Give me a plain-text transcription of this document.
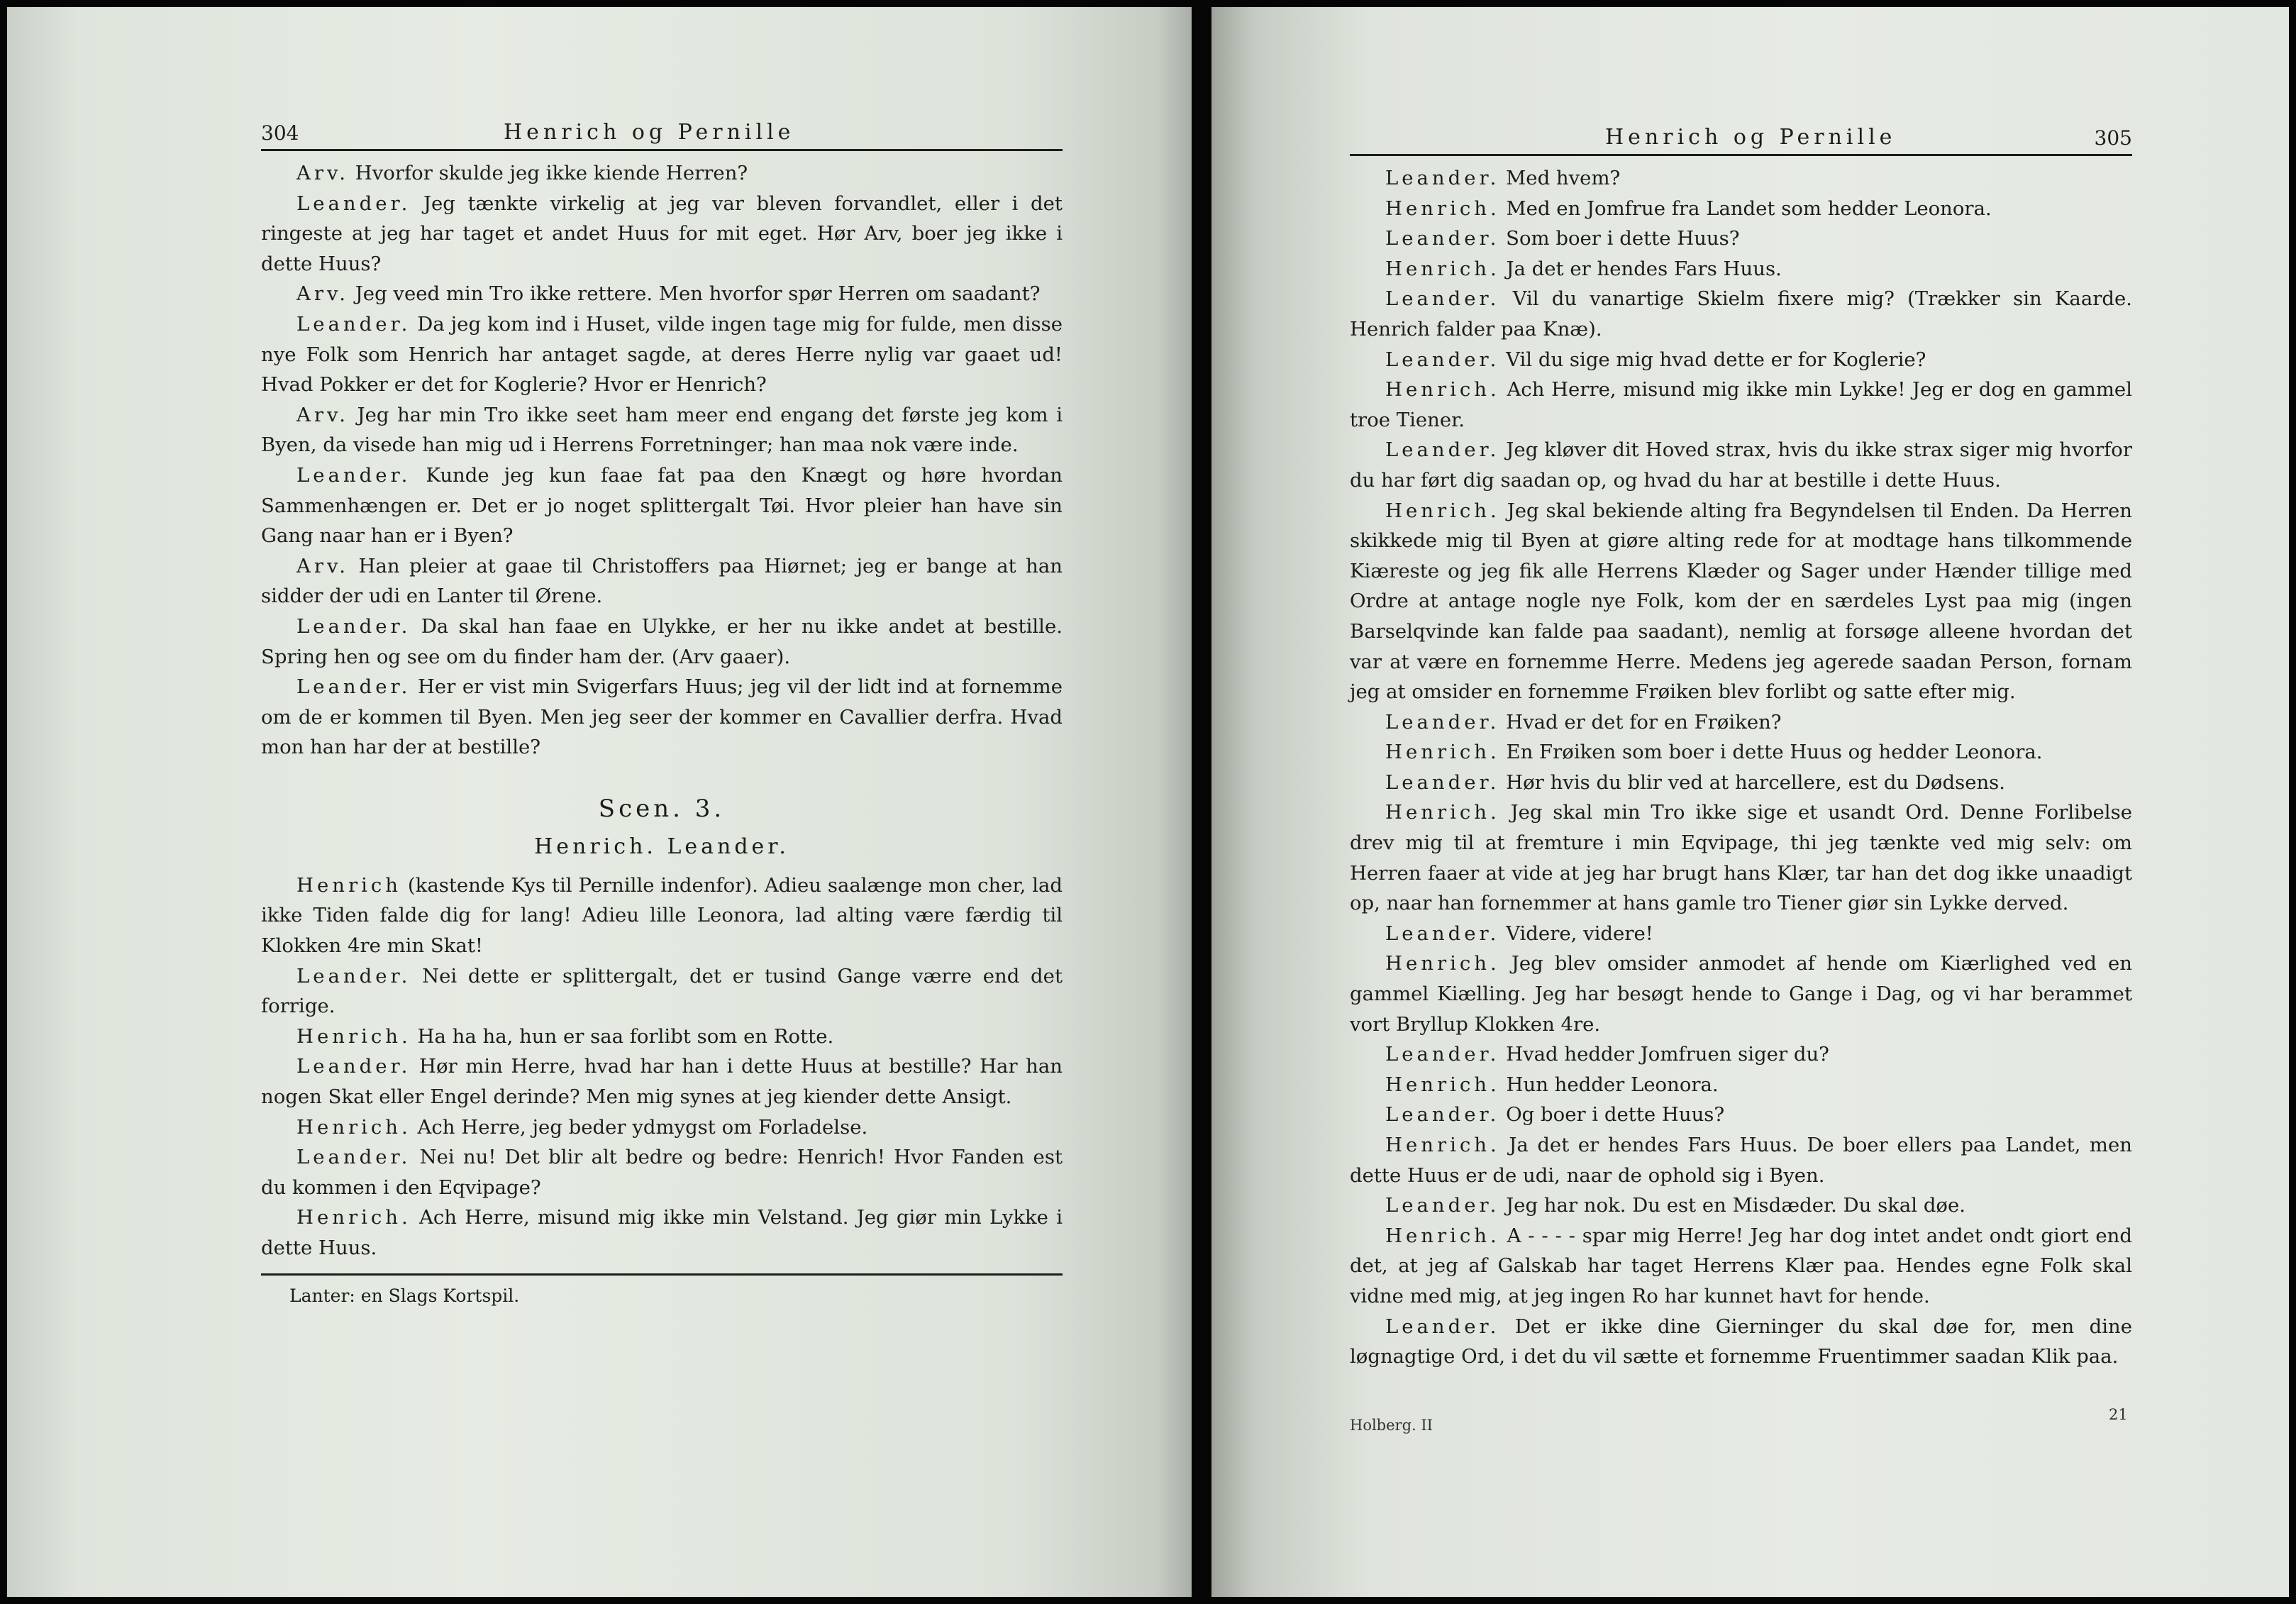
304	Henrich og Pernille

Arv. Hvorfor skulde jeg ikke kiende Herren?

Leander. Jeg tænkte virkelig at jeg var bleven forvandlet, eller i det ringeste at jeg har taget et andet Huus for mit eget. Hør Arv, boer jeg ikke i dette Huus?

Arv. Jeg veed min Tro ikke rettere. Men hvorfor spør Herren om saadant?

Leander. Da jeg kom ind i Huset, vilde ingen tage mig for fulde, men disse nye Folk som Henrich har antaget sagde, at deres Herre nylig var gaaet ud! Hvad Pokker er det for Koglerie? Hvor er Henrich?

Arv. Jeg har min Tro ikke seet ham meer end engang det første jeg kom i Byen, da visede han mig ud i Herrens Forretninger; han maa nok være inde.

Leander. Kunde jeg kun faae fat paa den Knægt og høre hvordan Sammenhængen er. Det er jo noget splittergalt Tøi. Hvor pleier han have sin Gang naar han er i Byen?

Arv. Han pleier at gaae til Christoffers paa Hiørnet; jeg er bange at han sidder der udi en Lanter til Ørene.

Leander. Da skal han faae en Ulykke, er her nu ikke andet at bestille. Spring hen og see om du finder ham der. (Arv gaaer).

Leander. Her er vist min Svigerfars Huus; jeg vil der lidt ind at fornemme om de er kommen til Byen. Men jeg seer der kommer en Cavallier derfra. Hvad mon han har der at bestille?

Scen. 3.
Henrich. Leander.

Henrich (kastende Kys til Pernille indenfor). Adieu saalænge mon cher, lad ikke Tiden falde dig for lang! Adieu lille Leonora, lad alting være færdig til Klokken 4re min Skat!

Leander. Nei dette er splittergalt, det er tusind Gange værre end det forrige.

Henrich. Ha ha ha, hun er saa forlibt som en Rotte.

Leander. Hør min Herre, hvad har han i dette Huus at bestille? Har han nogen Skat eller Engel derinde? Men mig synes at jeg kiender dette Ansigt.

Henrich. Ach Herre, jeg beder ydmygst om Forladelse.

Leander. Nei nu! Det blir alt bedre og bedre: Henrich! Hvor Fanden est du kommen i den Eqvipage?

Henrich. Ach Herre, misund mig ikke min Velstand. Jeg giør min Lykke i dette Huus.

Lanter: en Slags Kortspil.
Henrich og Pernille	305

Leander. Med hvem?

Henrich. Med en Jomfrue fra Landet som hedder Leonora.

Leander. Som boer i dette Huus?

Henrich. Ja det er hendes Fars Huus.

Leander. Vil du vanartige Skielm fixere mig? (Trækker sin Kaarde. Henrich falder paa Knæ).

Leander. Vil du sige mig hvad dette er for Koglerie?

Henrich. Ach Herre, misund mig ikke min Lykke! Jeg er dog en gammel troe Tiener.

Leander. Jeg kløver dit Hoved strax, hvis du ikke strax siger mig hvorfor du har ført dig saadan op, og hvad du har at bestille i dette Huus.

Henrich. Jeg skal bekiende alting fra Begyndelsen til Enden. Da Herren skikkede mig til Byen at giøre alting rede for at modtage hans tilkommende Kiæreste og jeg fik alle Herrens Klæder og Sager under Hænder tillige med Ordre at antage nogle nye Folk, kom der en særdeles Lyst paa mig (ingen Barselqvinde kan falde paa saadant), nemlig at forsøge alleene hvordan det var at være en fornemme Herre. Medens jeg agerede saadan Person, fornam jeg at omsider en fornemme Frøiken blev forlibt og satte efter mig.

Leander. Hvad er det for en Frøiken?

Henrich. En Frøiken som boer i dette Huus og hedder Leonora.

Leander. Hør hvis du blir ved at harcellere, est du Dødsens.

Henrich. Jeg skal min Tro ikke sige et usandt Ord. Denne Forlibelse drev mig til at fremture i min Eqvipage, thi jeg tænkte ved mig selv: om Herren faaer at vide at jeg har brugt hans Klær, tar han det dog ikke unaadigt op, naar han fornemmer at hans gamle tro Tiener giør sin Lykke derved.

Leander. Videre, videre!

Henrich. Jeg blev omsider anmodet af hende om Kiærlighed ved en gammel Kiælling. Jeg har besøgt hende to Gange i Dag, og vi har berammet vort Bryllup Klokken 4re.

Leander. Hvad hedder Jomfruen siger du?

Henrich. Hun hedder Leonora.

Leander. Og boer i dette Huus?

Henrich. Ja det er hendes Fars Huus. De boer ellers paa Landet, men dette Huus er de udi, naar de ophold sig i Byen.

Leander. Jeg har nok. Du est en Misdæder. Du skal døe.

Henrich. A - - - - spar mig Herre! Jeg har dog intet andet ondt giort end det, at jeg af Galskab har taget Herrens Klær paa. Hendes egne Folk skal vidne med mig, at jeg ingen Ro har kunnet havt for hende.

Leander. Det er ikke dine Gierninger du skal døe for, men dine løgnagtige Ord, i det du vil sætte et fornemme Fruentimmer saadan Klik paa.

Holberg. II
21
